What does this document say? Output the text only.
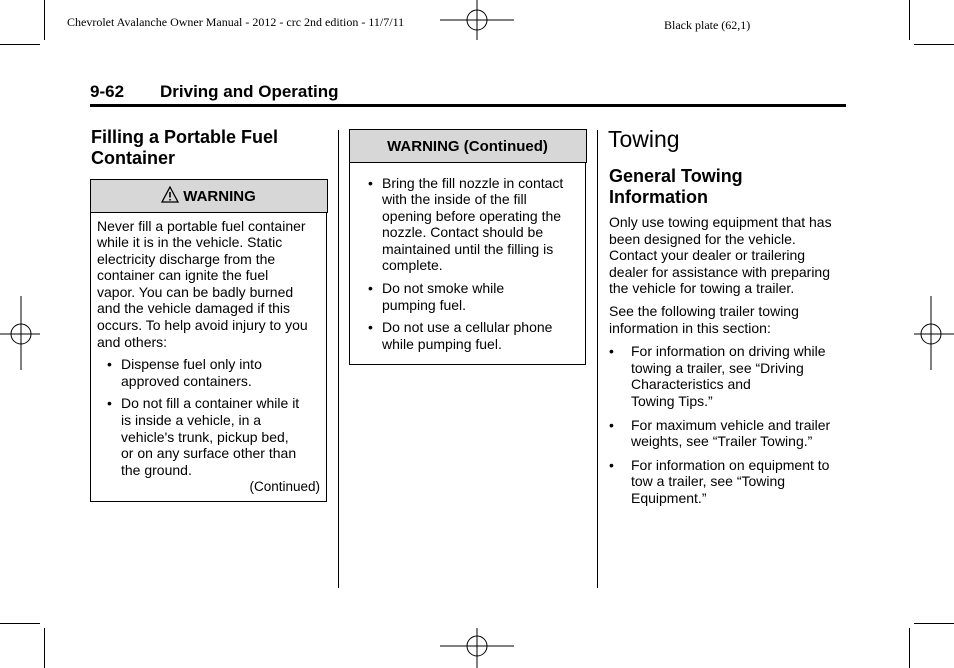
Chevrolet Avalanche Owner Manual - 2012 - crc 2nd edition - 11/7/11	Black plate (62,1)
9-62 Driving and Operating
Filling a Portable Fuel
Container
WARNING
Never fill a portable fuel container
while it is in the vehicle. Static
electricity discharge from the
container can ignite the fuel
vapor. You can be badly burned
and the vehicle damaged if this
occurs. To help avoid injury to you
and others:
• Dispense fuel only into
approved containers.
• Do not fill a container while it
is inside a vehicle, in a
vehicle's trunk, pickup bed,
or on any surface other than
the ground.
(Continued)
WARNING (Continued)
• Bring the fill nozzle in contact
with the inside of the fill
opening before operating the
nozzle. Contact should be
maintained until the filling is
complete.
• Do not smoke while
pumping fuel.
• Do not use a cellular phone
while pumping fuel.
Towing
General Towing
Information
Only use towing equipment that has
been designed for the vehicle.
Contact your dealer or trailering
dealer for assistance with preparing
the vehicle for towing a trailer.
See the following trailer towing
information in this section:
• For information on driving while
towing a trailer, see “Driving
Characteristics and
Towing Tips.”
• For maximum vehicle and trailer
weights, see “Trailer Towing.”
• For information on equipment to
tow a trailer, see “Towing
Equipment.”
